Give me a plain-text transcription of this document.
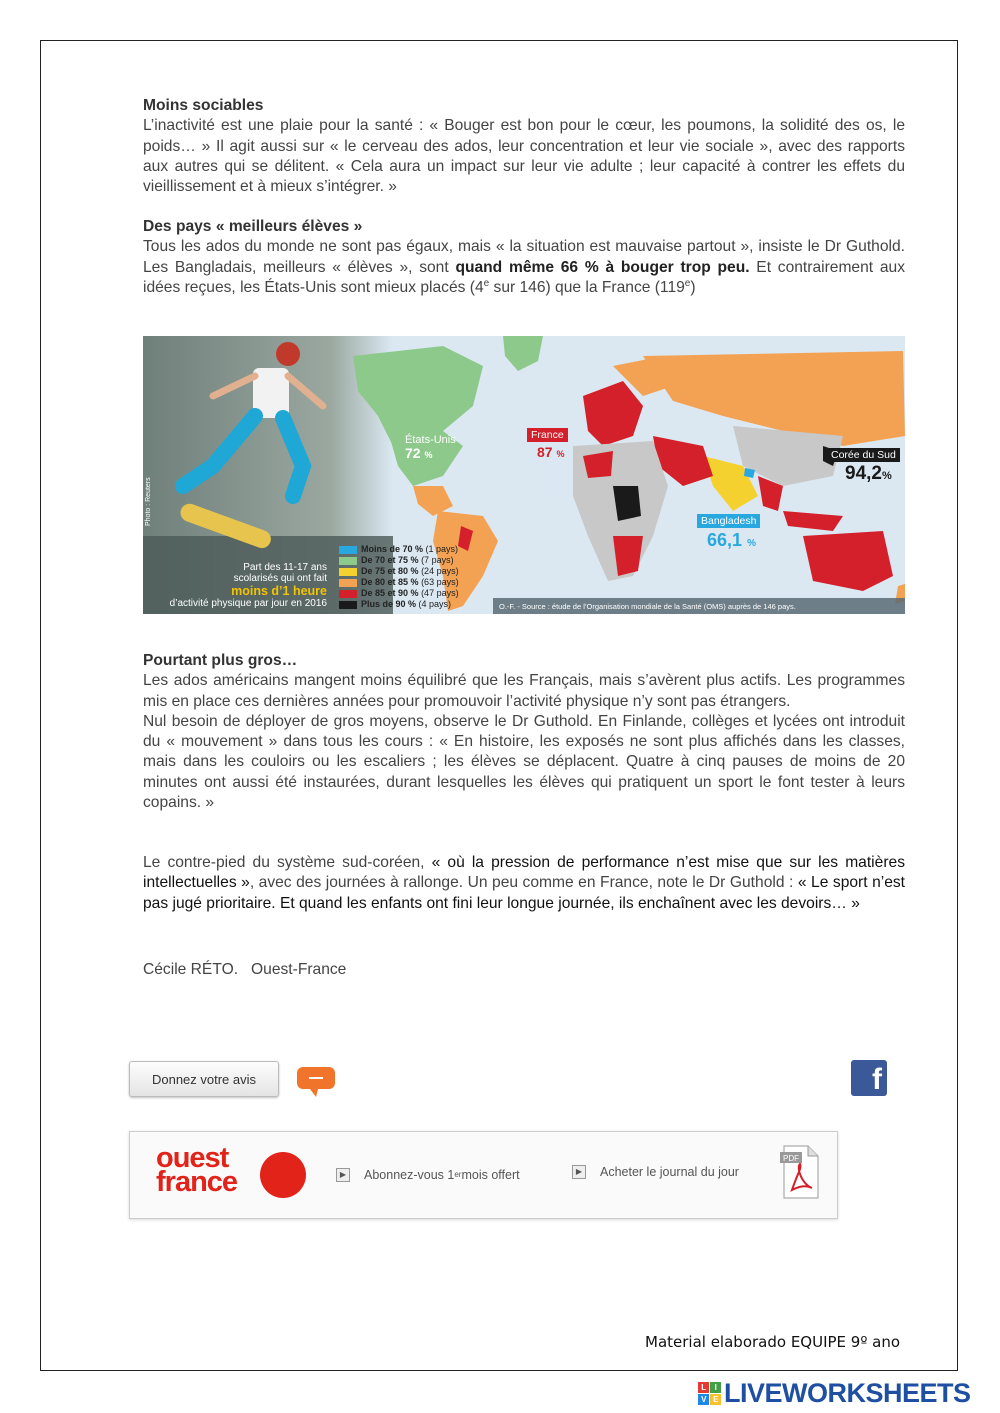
Moins sociables

L’inactivité est une plaie pour la santé : « Bouger est bon pour le cœur, les poumons, la solidité des os, le poids… » Il agit aussi sur « le cerveau des ados, leur concentration et leur vie sociale », avec des rapports aux autres qui se délitent. « Cela aura un impact sur leur vie adulte ; leur capacité à contrer les effets du vieillissement et à mieux s’intégrer. »

Des pays « meilleurs élèves »

Tous les ados du monde ne sont pas égaux, mais « la situation est mauvaise partout », insiste le Dr Guthold. Les Bangladais, meilleurs « élèves », sont quand même 66 % à bouger trop peu. Et contrairement aux idées reçues, les États-Unis sont mieux placés (4e sur 146) que la France (119e)

États-Unis
72 %
France
87 %	Corée du Sud
94,2%
Bangladesh
66,1 %
Photo : Reuters
Part des 11-17 ans
scolarisés qui ont fait
moins d’1 heure
d’activité physique par jour en 2016
Moins de 70 %
(1 pays)
De 70 et 75 %
(7 pays)
De 75 et 80 %
(24 pays)
De 80 et 85 %
(63 pays)
De 85 et 90 %
(47 pays)
Plus de 90 %
(4 pays)	O.-F. - Source : étude de l’Organisation mondiale de la Santé (OMS) auprès de 146 pays.
Pourtant plus gros…

Les ados américains mangent moins équilibré que les Français, mais s’avèrent plus actifs. Les programmes mis en place ces dernières années pour promouvoir l’activité physique n’y sont pas étrangers.

Nul besoin de déployer de gros moyens, observe le Dr Guthold. En Finlande, collèges et lycées ont introduit du « mouvement » dans tous les cours : « En histoire, les exposés ne sont plus affichés dans les classes, mais dans les couloirs ou les escaliers ; les élèves se déplacent. Quatre à cinq pauses de moins de 20 minutes ont aussi été instaurées, durant lesquelles les élèves qui pratiquent un sport le font tester à leurs copains. »

Le contre-pied du système sud-coréen, « où la pression de performance n’est mise que sur les matières intellectuelles », avec des journées à rallonge. Un peu comme en France, note le Dr Guthold : « Le sport n’est pas jugé prioritaire. Et quand les enfants ont fini leur longue journée, ils enchaînent avec les devoirs… »

Cécile RÉTO.   Ouest-France

Donnez votre avis	f
ouest
france	▶	Abonnez-vous 1 er mois offert	▶	Acheter le journal du jour
PDF
Material elaborado EQUIPE 9º ano
L	I
V E LIVEWORKSHEETS
